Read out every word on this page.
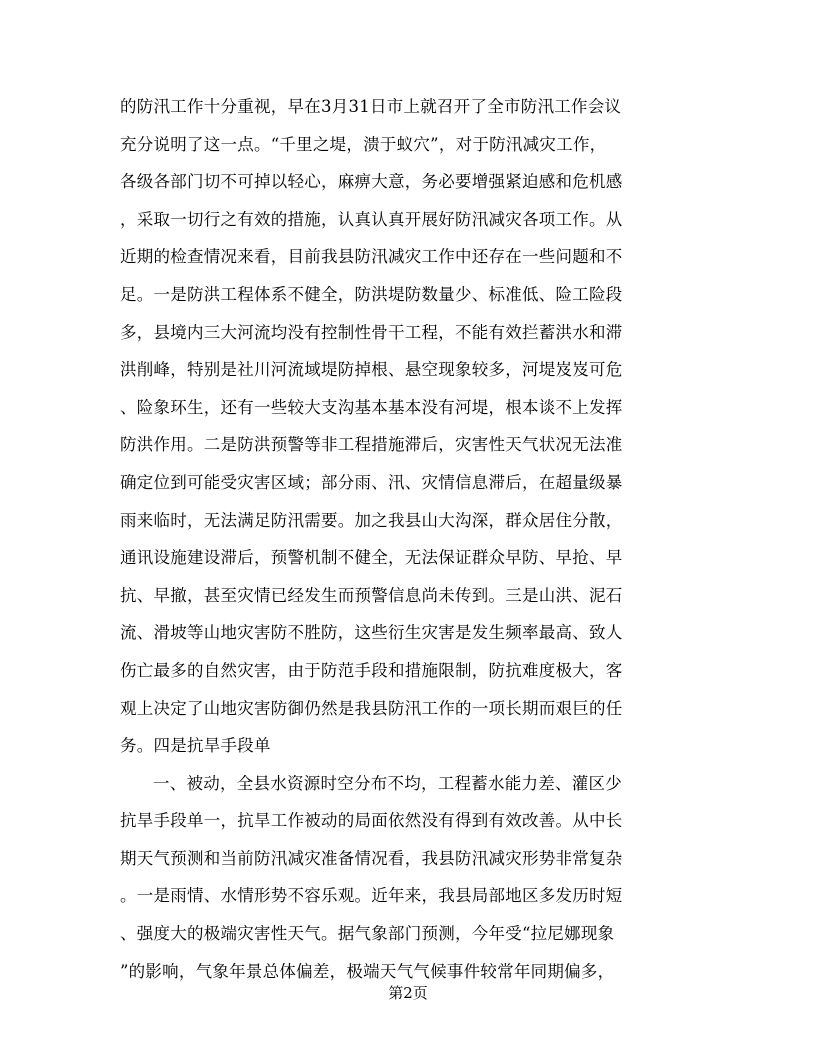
的防汛工作十分重视，早在3月31日市上就召开了全市防汛工作会议
充分说明了这一点。“千里之堤，溃于蚁穴”，对于防汛减灾工作，
各级各部门切不可掉以轻心，麻痹大意，务必要增强紧迫感和危机感
，采取一切行之有效的措施，认真认真开展好防汛减灾各项工作。从
近期的检查情况来看，目前我县防汛减灾工作中还存在一些问题和不
足。一是防洪工程体系不健全，防洪堤防数量少、标准低、险工险段
多，县境内三大河流均没有控制性骨干工程，不能有效拦蓄洪水和滞
洪削峰，特别是社川河流域堤防掉根、悬空现象较多，河堤岌岌可危
、险象环生，还有一些较大支沟基本基本没有河堤，根本谈不上发挥
防洪作用。二是防洪预警等非工程措施滞后，灾害性天气状况无法准
确定位到可能受灾害区域；部分雨、汛、灾情信息滞后，在超量级暴
雨来临时，无法满足防汛需要。加之我县山大沟深，群众居住分散，
通讯设施建设滞后，预警机制不健全，无法保证群众早防、早抢、早
抗、早撤，甚至灾情已经发生而预警信息尚未传到。三是山洪、泥石
流、滑坡等山地灾害防不胜防，这些衍生灾害是发生频率最高、致人
伤亡最多的自然灾害，由于防范手段和措施限制，防抗难度极大，客
观上决定了山地灾害防御仍然是我县防汛工作的一项长期而艰巨的任
务。四是抗旱手段单
一、被动，全县水资源时空分布不均，工程蓄水能力差、灌区少
抗旱手段单一，抗旱工作被动的局面依然没有得到有效改善。从中长
期天气预测和当前防汛减灾准备情况看，我县防汛减灾形势非常复杂
。一是雨情、水情形势不容乐观。近年来，我县局部地区多发历时短
、强度大的极端灾害性天气。据气象部门预测，今年受“拉尼娜现象
”的影响，气象年景总体偏差，极端天气气候事件较常年同期偏多，
第2页
